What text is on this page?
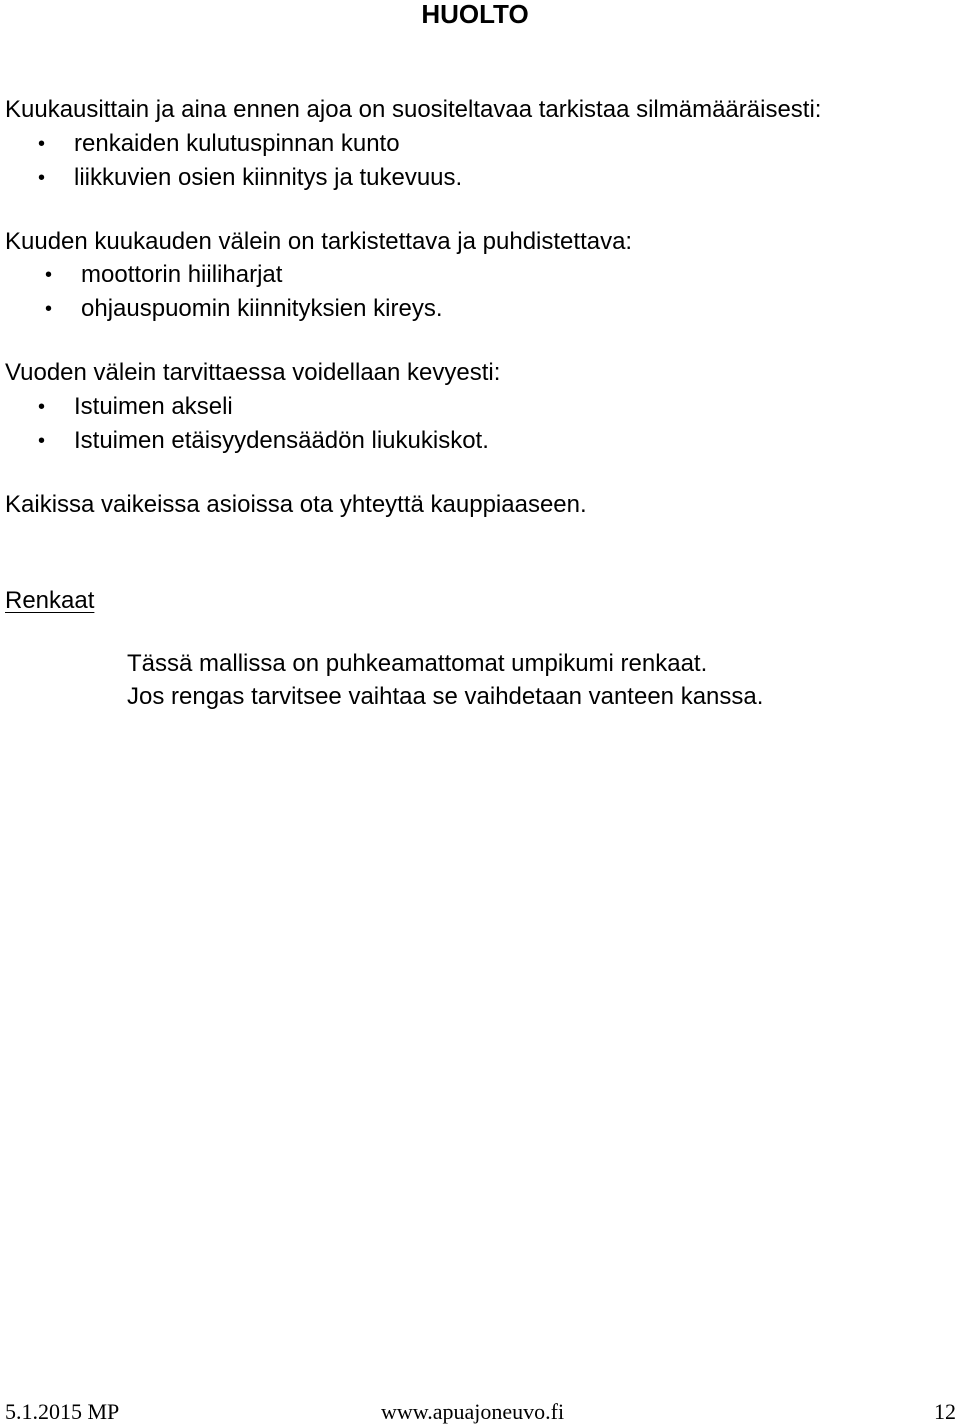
HUOLTO
Kuukausittain ja aina ennen ajoa on suositeltavaa tarkistaa silmämääräisesti:
• renkaiden kulutuspinnan kunto
• liikkuvien osien kiinnitys ja tukevuus.
Kuuden kuukauden välein on tarkistettava ja puhdistettava:
• moottorin hiiliharjat
• ohjauspuomin kiinnityksien kireys.
Vuoden välein tarvittaessa voidellaan kevyesti:
• Istuimen akseli
• Istuimen etäisyydensäädön liukukiskot.
Kaikissa vaikeissa asioissa ota yhteyttä kauppiaaseen.
Renkaat
Tässä mallissa on puhkeamattomat umpikumi renkaat.
Jos rengas tarvitsee vaihtaa se vaihdetaan vanteen kanssa.
5.1.2015 MP	www.apuajoneuvo.fi	12
